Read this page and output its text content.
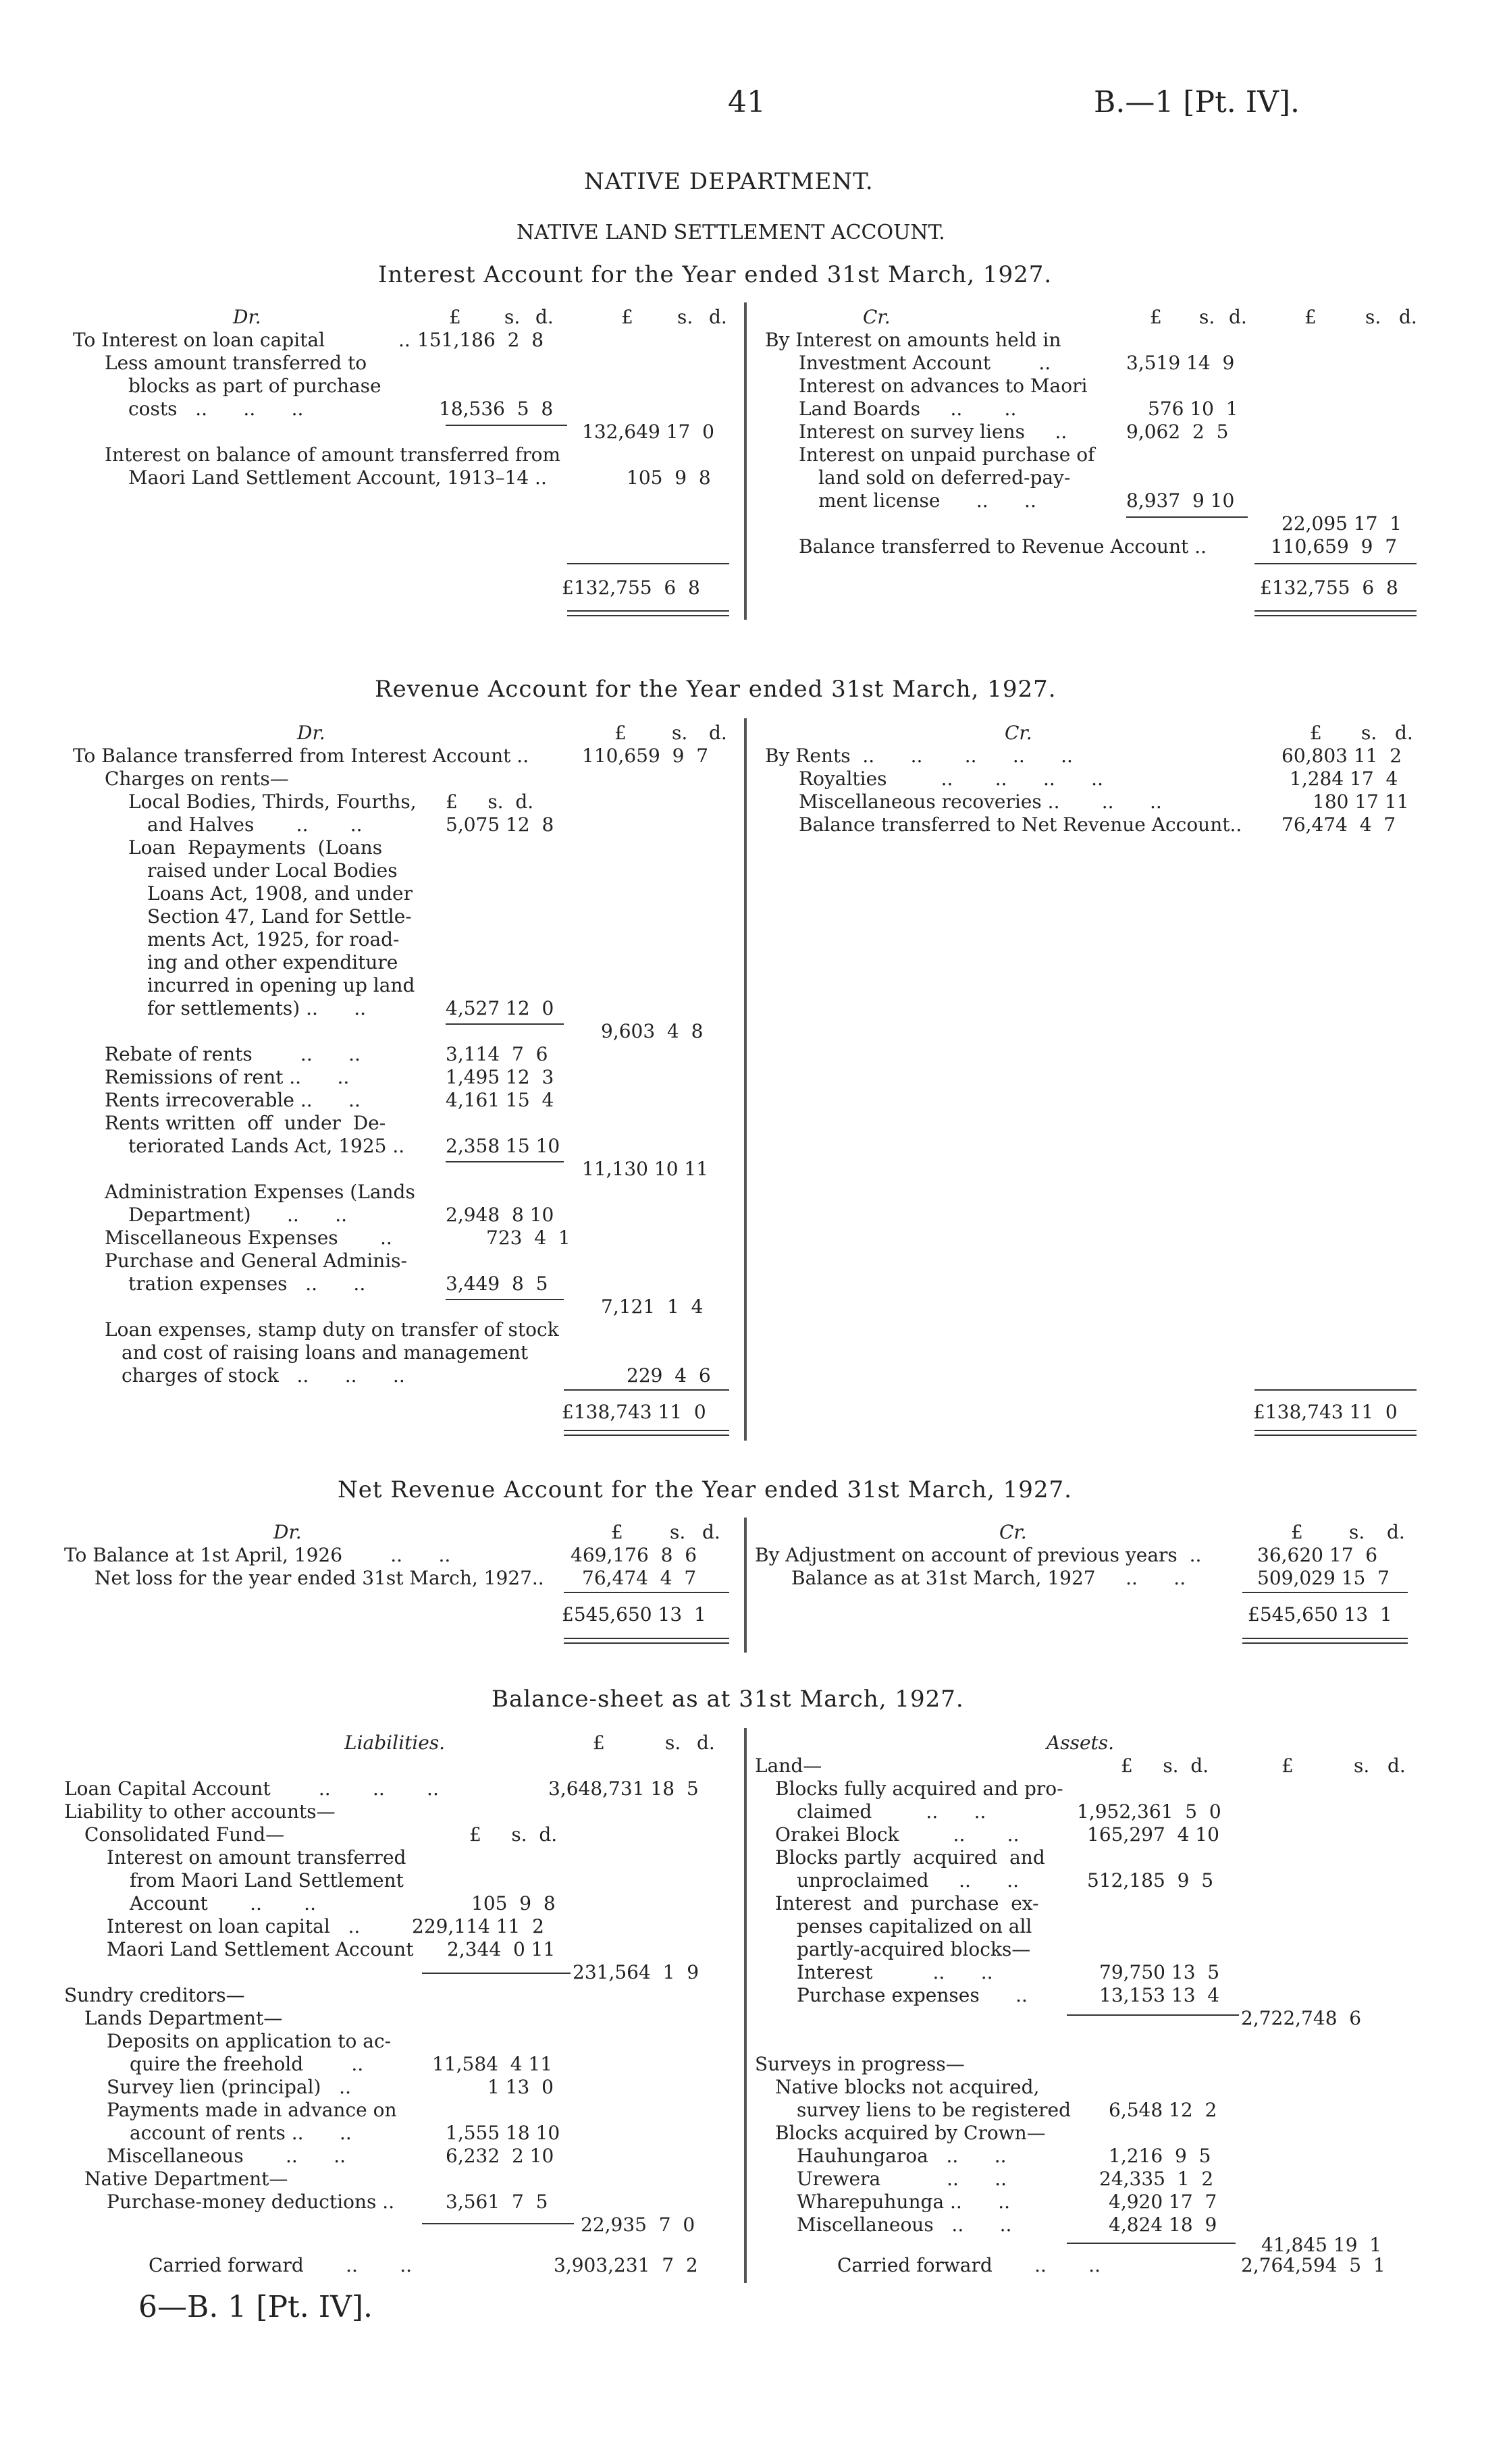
41	B.—1 [Pt. IV].
NATIVE DEPARTMENT.
NATIVE LAND SETTLEMENT ACCOUNT.
Interest Account for the Year ended 31st March, 1927.
Dr.	£ s. d.	£ s. d.
To Interest on loan capital	.. 151,186  2  8
Less amount transferred to
blocks as part of purchase
costs   ..      ..      ..	18,536  5  8
132,649 17  0
Interest on balance of amount transferred from
Maori Land Settlement Account, 1913–14 ..	105  9  8
£132,755  6  8
Cr.	£ s. d.	£	s. d.
By Interest on amounts held in
Investment Account        ..	3,519 14  9
Interest on advances to Maori
Land Boards     ..       ..	576 10  1
Interest on survey liens     ..	9,062  2  5
Interest on unpaid purchase of
land sold on deferred-pay-
ment license      ..      ..	8,937  9 10
22,095 17  1
Balance transferred to Revenue Account ..	110,659  9  7
£132,755  6  8
Revenue Account for the Year ended 31st March, 1927.
Dr.	£ s. d.
To Balance transferred from Interest Account ..	110,659  9  7
Charges on rents—
£     s.  d.
Local Bodies, Thirds, Fourths,
and Halves       ..       ..	5,075 12  8
Loan  Repayments  (Loans
raised under Local Bodies
Loans Act, 1908, and under
Section 47, Land for Settle-
ments Act, 1925, for road-
ing and other expenditure
incurred in opening up land
for settlements) ..      ..	4,527 12  0
9,603  4  8
Rebate of rents        ..      ..	3,114  7  6
Remissions of rent ..      ..	1,495 12  3
Rents irrecoverable ..      ..	4,161 15  4
Rents written  off  under  De-
teriorated Lands Act, 1925 .. 2,358 15 10
11,130 10 11
Administration Expenses (Lands
Department)      ..      ..	2,948  8 10
Miscellaneous Expenses       ..	723  4  1
Purchase and General Adminis-
tration expenses   ..      ..	3,449  8  5
7,121  1  4
Loan expenses, stamp duty on transfer of stock
and cost of raising loans and management
charges of stock   ..      ..      ..	229  4  6
£138,743 11  0
Cr.	£ s. d.
By Rents  ..      ..       ..      ..      ..	60,803 11  2
Royalties         ..       ..      ..      ..	1,284 17  4
Miscellaneous recoveries ..       ..      ..	180 17 11
Balance transferred to Net Revenue Account.. 76,474  4  7
£138,743 11  0
Net Revenue Account for the Year ended 31st March, 1927.
Dr.	£ s. d.
To Balance at 1st April, 1926        ..      ..	469,176  8  6
Net loss for the year ended 31st March, 1927.. 76,474  4  7
£545,650 13  1
Cr.	£ s. d.
By Adjustment on account of previous years  ..	36,620 17  6
Balance as at 31st March, 1927     ..      ..	509,029 15  7
£545,650 13  1
Balance-sheet as at 31st March, 1927.
Liabilities.	£	s. d.
Loan Capital Account        ..       ..       ..	3,648,731 18  5
Liability to other accounts—
Consolidated Fund—	£     s.  d.
Interest on amount transferred
from Maori Land Settlement
Account       ..       ..	105  9  8
Interest on loan capital   ..	229,114 11  2
Maori Land Settlement Account 2,344  0 11
231,564  1  9
Sundry creditors—
Lands Department—
Deposits on application to ac-
quire the freehold        ..	11,584  4 11
Survey lien (principal)   ..	1 13  0
Payments made in advance on
account of rents ..      ..	1,555 18 10
Miscellaneous       ..      ..	6,232  2 10
Native Department—
Purchase-money deductions ..	3,561  7  5
22,935  7  0
Carried forward       ..       ..	3,903,231  7  2
Assets.
Land—	£     s.  d.	£	s. d.
Blocks fully acquired and pro-
claimed         ..      ..	1,952,361  5  0
Orakei Block         ..       ..	165,297  4 10
Blocks partly  acquired  and
unproclaimed     ..      ..	512,185  9  5
Interest  and  purchase  ex-
penses capitalized on all
partly-acquired blocks—
Interest          ..      ..	79,750 13  5
Purchase expenses      ..	13,153 13  4
2,722,748  6
Surveys in progress—
Native blocks not acquired,
survey liens to be registered 6,548 12  2
Blocks acquired by Crown—
Hauhungaroa   ..      ..	1,216  9  5
Urewera           ..      ..	24,335  1  2
Wharepuhunga ..      ..	4,920 17  7
Miscellaneous   ..      ..	4,824 18  9
41,845 19  1
Carried forward       ..       ..	2,764,594  5  1
6—B. 1 [Pt. IV].
